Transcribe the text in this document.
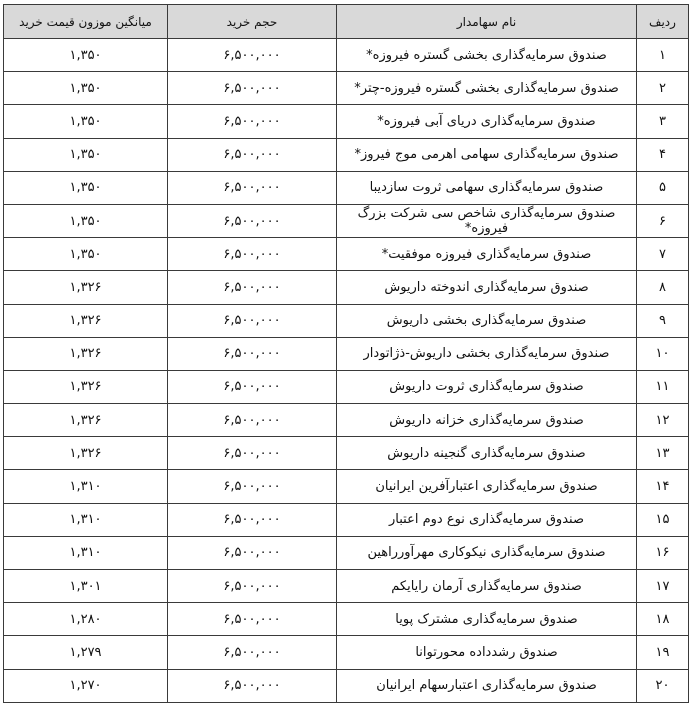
ردیف	نام سهامدار	حجم خرید	میانگین موزون قیمت خرید
۱	صندوق سرمایه‌گذاری بخشی گستره فیروزه*	۶,۵۰۰,۰۰۰	۱,۳۵۰
۲	صندوق سرمایه‌گذاری بخشی گستره فیروزه-چتر*	۶,۵۰۰,۰۰۰	۱,۳۵۰
۳	صندوق سرمایه‌گذاری دریای آبی فیروزه*	۶,۵۰۰,۰۰۰	۱,۳۵۰
۴	صندوق سرمایه‌گذاری سهامی اهرمی موج فیروز*	۶,۵۰۰,۰۰۰	۱,۳۵۰
۵	صندوق سرمایه‌گذاری سهامی ثروت سازدیبا	۶,۵۰۰,۰۰۰	۱,۳۵۰
۶	صندوق سرمایه‌گذاری شاخص سی شرکت بزرگ فیروزه*	۶,۵۰۰,۰۰۰	۱,۳۵۰
۷	صندوق سرمایه‌گذاری فیروزه موفقیت*	۶,۵۰۰,۰۰۰	۱,۳۵۰
۸	صندوق سرمایه‌گذاری اندوخته داریوش	۶,۵۰۰,۰۰۰	۱,۳۲۶
۹	صندوق سرمایه‌گذاری بخشی داریوش	۶,۵۰۰,۰۰۰	۱,۳۲۶
۱۰	صندوق سرمایه‌گذاری بخشی داریوش-ذژاتودار	۶,۵۰۰,۰۰۰	۱,۳۲۶
۱۱	صندوق سرمایه‌گذاری ثروت داریوش	۶,۵۰۰,۰۰۰	۱,۳۲۶
۱۲	صندوق سرمایه‌گذاری خزانه داریوش	۶,۵۰۰,۰۰۰	۱,۳۲۶
۱۳	صندوق سرمایه‌گذاری گنجینه داریوش	۶,۵۰۰,۰۰۰	۱,۳۲۶
۱۴	صندوق سرمایه‌گذاری اعتبارآفرین ایرانیان	۶,۵۰۰,۰۰۰	۱,۳۱۰
۱۵	صندوق سرمایه‌گذاری نوع دوم اعتبار	۶,۵۰۰,۰۰۰	۱,۳۱۰
۱۶	صندوق سرمایه‌گذاری نیکوکاری مهرآورراهین	۶,۵۰۰,۰۰۰	۱,۳۱۰
۱۷	صندوق سرمایه‌گذاری آرمان رایایکم	۶,۵۰۰,۰۰۰	۱,۳۰۱
۱۸	صندوق سرمایه‌گذاری مشترک پویا	۶,۵۰۰,۰۰۰	۱,۲۸۰
۱۹	صندوق رشدداده محورتوانا	۶,۵۰۰,۰۰۰	۱,۲۷۹
۲۰	صندوق سرمایه‌گذاری اعتبارسهام ایرانیان	۶,۵۰۰,۰۰۰	۱,۲۷۰
